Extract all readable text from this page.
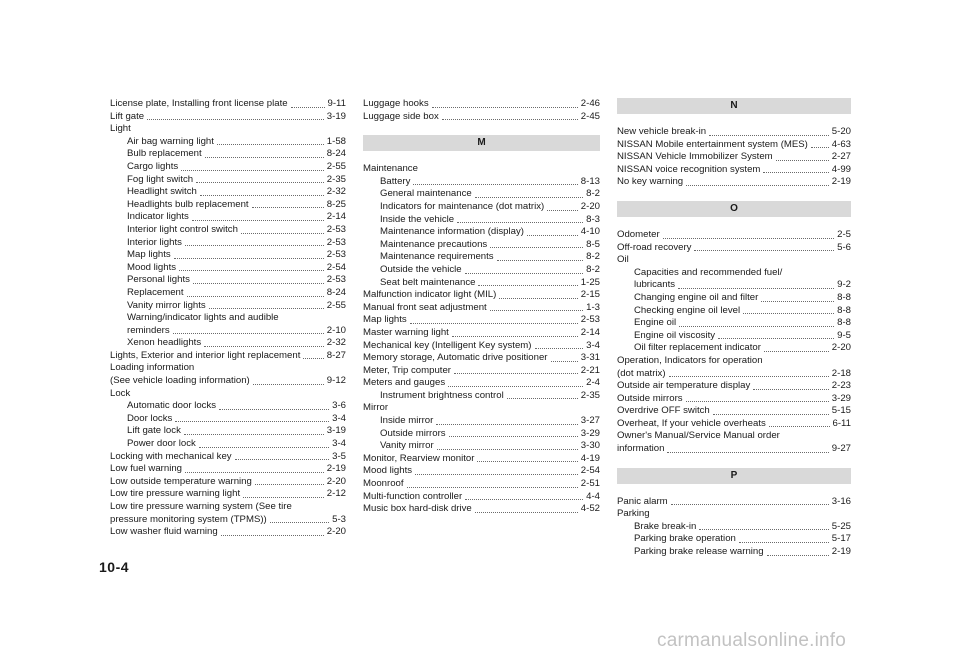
License plate, Installing front license plate	9-11
Lift gate	3-19
Light
Air bag warning light	1-58
Bulb replacement	8-24
Cargo lights	2-55
Fog light switch	2-35
Headlight switch	2-32
Headlights bulb replacement	8-25
Indicator lights	2-14
Interior light control switch	2-53
Interior lights	2-53
Map lights	2-53
Mood lights	2-54
Personal lights	2-53
Replacement	8-24
Vanity mirror lights	2-55
Warning/indicator lights and audible
reminders	2-10
Xenon headlights	2-32
Lights, Exterior and interior light replacement	8-27
Loading information
(See vehicle loading information)	9-12
Lock
Automatic door locks	3-6
Door locks	3-4
Lift gate lock	3-19
Power door lock	3-4
Locking with mechanical key	3-5
Low fuel warning	2-19
Low outside temperature warning	2-20
Low tire pressure warning light	2-12
Low tire pressure warning system (See tire
pressure monitoring system (TPMS))	5-3
Low washer fluid warning	2-20
Luggage hooks	2-46
Luggage side box	2-45
M
Maintenance
Battery	8-13
General maintenance	8-2
Indicators for maintenance (dot matrix)	2-20
Inside the vehicle	8-3
Maintenance information (display)	4-10
Maintenance precautions	8-5
Maintenance requirements	8-2
Outside the vehicle	8-2
Seat belt maintenance	1-25
Malfunction indicator light (MIL)	2-15
Manual front seat adjustment	1-3
Map lights	2-53
Master warning light	2-14
Mechanical key (Intelligent Key system)	3-4
Memory storage, Automatic drive positioner	3-31
Meter, Trip computer	2-21
Meters and gauges	2-4
Instrument brightness control	2-35
Mirror
Inside mirror	3-27
Outside mirrors	3-29
Vanity mirror	3-30
Monitor, Rearview monitor	4-19
Mood lights	2-54
Moonroof	2-51
Multi-function controller	4-4
Music box hard-disk drive	4-52
N
New vehicle break-in	5-20
NISSAN Mobile entertainment system (MES) 4-63
NISSAN Vehicle Immobilizer System	2-27
NISSAN voice recognition system	4-99
No key warning	2-19
O
Odometer	2-5
Off-road recovery	5-6
Oil
Capacities and recommended fuel/
lubricants	9-2
Changing engine oil and filter	8-8
Checking engine oil level	8-8
Engine oil	8-8
Engine oil viscosity	9-5
Oil filter replacement indicator	2-20
Operation, Indicators for operation
(dot matrix)	2-18
Outside air temperature display	2-23
Outside mirrors	3-29
Overdrive OFF switch	5-15
Overheat, If your vehicle overheats	6-11
Owner's Manual/Service Manual order
information	9-27
P
Panic alarm	3-16
Parking
Brake break-in	5-25
Parking brake operation	5-17
Parking brake release warning	2-19
10-4
carmanualsonline.info
